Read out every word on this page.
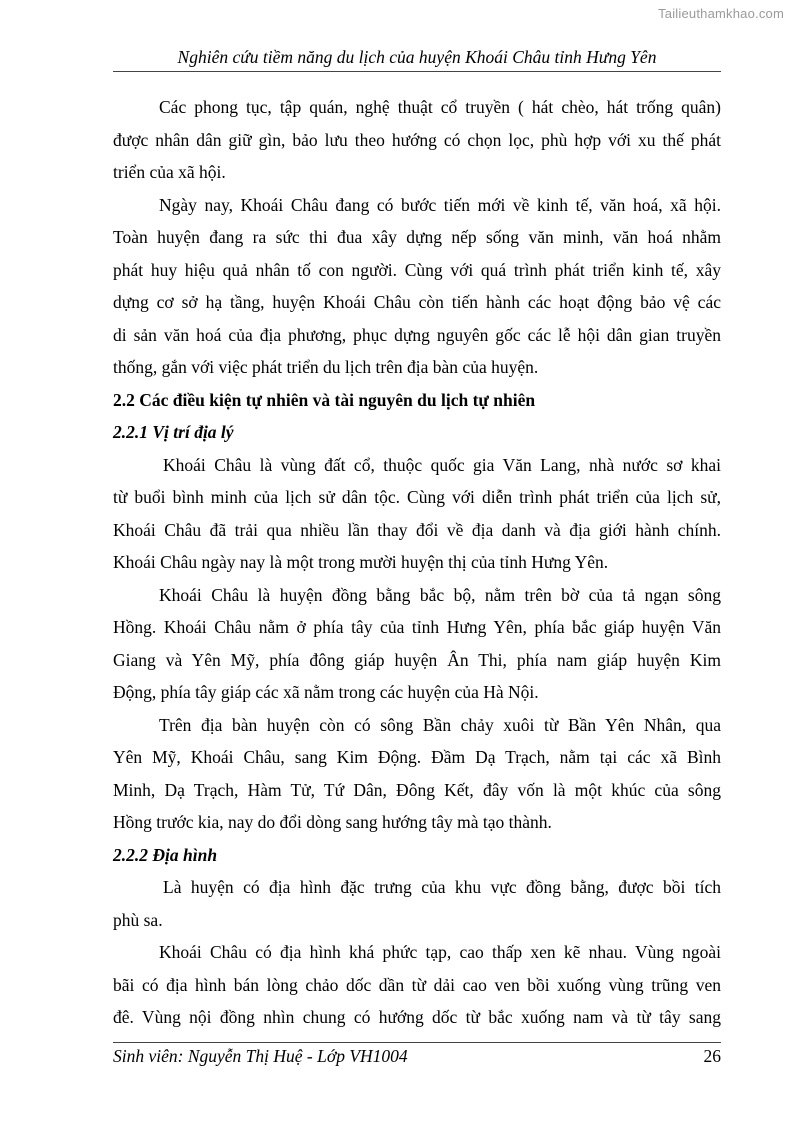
Tailieuthamkhao.com
Nghiên cứu tiềm năng du lịch của huyện Khoái Châu tỉnh Hưng Yên
Các phong tục, tập quán, nghệ thuật cổ truyền ( hát chèo, hát trống quân)
được nhân dân giữ gìn, bảo lưu theo hướng có chọn lọc, phù hợp với xu thế phát
triển của xã hội.
Ngày nay, Khoái Châu đang có bước tiến mới về kinh tế, văn hoá, xã hội.
Toàn huyện đang ra sức thi đua xây dựng nếp sống văn minh, văn hoá nhằm
phát huy hiệu quả nhân tố con người. Cùng với quá trình phát triển kinh tế, xây
dựng cơ sở hạ tầng, huyện Khoái Châu còn tiến hành các hoạt động bảo vệ các
di sản văn hoá của địa phương, phục dựng nguyên gốc các lễ hội dân gian truyền
thống, gắn với việc phát triển du lịch trên địa bàn của huyện.
2.2 Các điều kiện tự nhiên và tài nguyên du lịch tự nhiên
2.2.1 Vị trí địa lý
Khoái Châu là vùng đất cổ, thuộc quốc gia Văn Lang, nhà nước sơ khai
từ buổi bình minh của lịch sử dân tộc. Cùng với diễn trình phát triển của lịch sử,
Khoái Châu đã trải qua nhiều lần thay đổi về địa danh và địa giới hành chính.
Khoái Châu ngày nay là một trong mười huyện thị của tỉnh Hưng Yên.
Khoái Châu là huyện đồng bằng bắc bộ, nằm trên bờ của tả ngạn sông
Hồng. Khoái Châu nằm ở phía tây của tỉnh Hưng Yên, phía bắc giáp huyện Văn
Giang và Yên Mỹ, phía đông giáp huyện Ân Thi, phía nam giáp huyện Kim
Động, phía tây giáp các xã nằm trong các huyện của Hà Nội.
Trên địa bàn huyện còn có sông Bần chảy xuôi từ Bần Yên Nhân, qua
Yên Mỹ, Khoái Châu, sang Kim Động. Đầm Dạ Trạch, nằm tại các xã Bình
Minh, Dạ Trạch, Hàm Tử, Tứ Dân, Đông Kết, đây vốn là một khúc của sông
Hồng trước kia, nay do đổi dòng sang hướng tây mà tạo thành.
2.2.2 Địa hình
Là huyện có địa hình đặc trưng của khu vực đồng bằng, được bồi tích
phù sa.
Khoái Châu có địa hình khá phức tạp, cao thấp xen kẽ nhau. Vùng ngoài
bãi có địa hình bán lòng chảo dốc dần từ dải cao ven bồi xuống vùng trũng ven
đê. Vùng nội đồng nhìn chung có hướng dốc từ bắc xuống nam và từ tây sang
Sinh viên: Nguyễn Thị Huệ - Lớp VH1004	26
